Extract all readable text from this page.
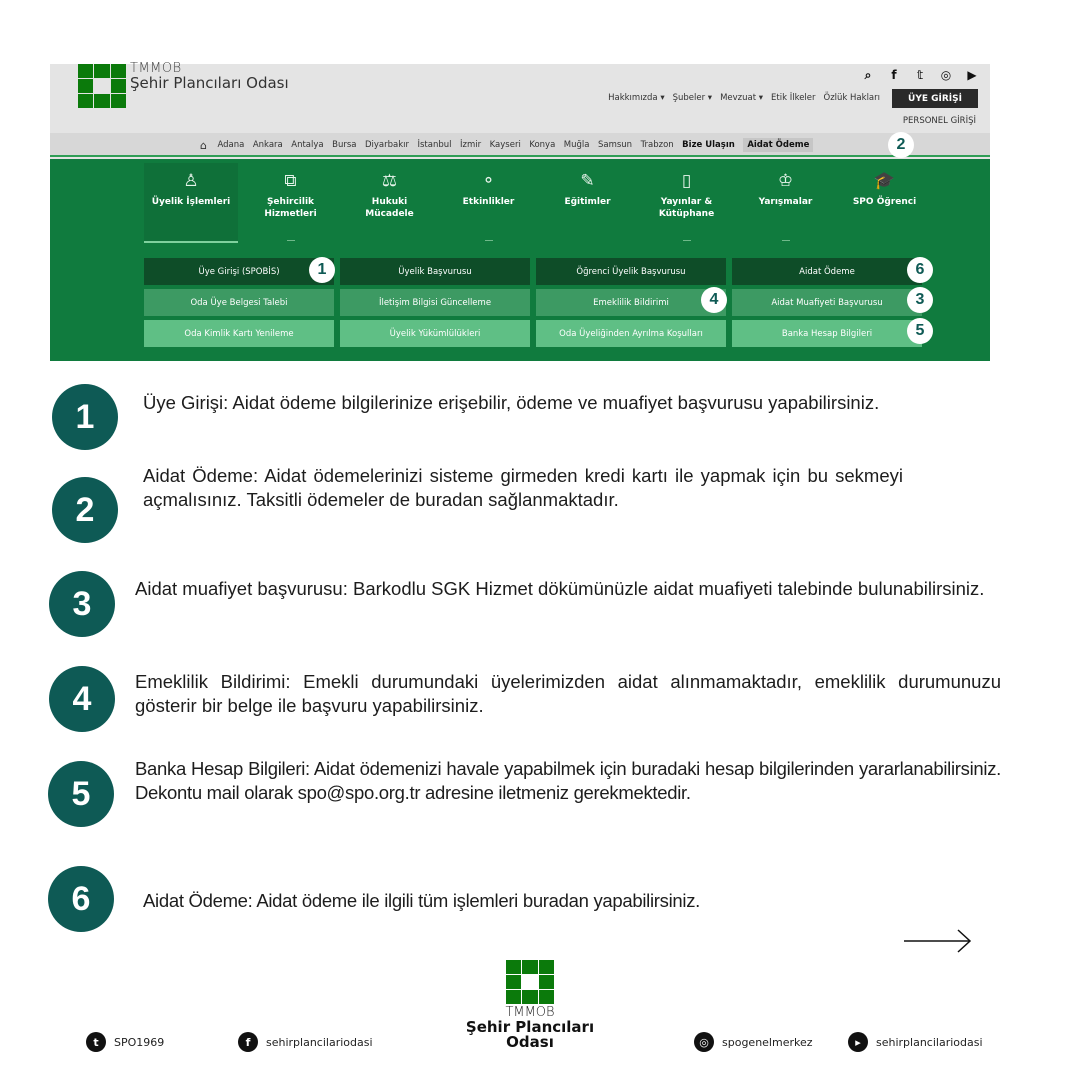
TMMOB
Şehir Plancıları Odası	⌕ f 𝕥 ◎ ▶
Hakkımızda ▾ Şubeler ▾ Mevzuat ▾ Etik İlkeler Özlük Hakları	ÜYE GİRİŞİ
PERSONEL GİRİŞİ
⌂ Adana Ankara Antalya Bursa Diyarbakır İstanbul İzmir Kayseri Konya Muğla Samsun Trabzon Bize Ulaşın	Aidat Ödeme	2
♙
Üyelik İşlemleri
⧉
Şehircilik Hizmetleri
⚖
Hukuki Mücadele
⚬
Etkinlikler
✎
Eğitimler
▯
Yayınlar & Kütüphane
♔
Yarışmalar
🎓
SPO Öğrenci
Üye Girişi (SPOBİS)	Üyelik Başvurusu	Öğrenci Üyelik Başvurusu	Aidat Ödeme
Oda Üye Belgesi Talebi	İletişim Bilgisi Güncelleme	Emeklilik Bildirimi	Aidat Muafiyeti Başvurusu
Oda Kimlik Kartı Yenileme	Üyelik Yükümlülükleri	Oda Üyeliğinden Ayrılma Koşulları	Banka Hesap Bilgileri
1	6
4	3
5
1	Üye Girişi: Aidat ödeme bilgilerinize erişebilir, ödeme ve muafiyet başvurusu yapabilirsiniz.
2
Aidat Ödeme: Aidat ödemelerinizi sisteme girmeden kredi kartı ile yapmak için bu sekmeyi açmalısınız. Taksitli ödemeler de buradan sağlanmaktadır.
3	Aidat muafiyet başvurusu: Barkodlu SGK Hizmet dökümünüzle aidat muafiyeti talebinde bulunabilirsiniz.
4	Emeklilik Bildirimi: Emekli durumundaki üyelerimizden aidat alınmamaktadır, emeklilik durumunuzu gösterir bir belge ile başvuru yapabilirsiniz.
5
Banka Hesap Bilgileri: Aidat ödemenizi havale yapabilmek için buradaki hesap bilgilerinden yararlanabilirsiniz. Dekontu mail olarak spo@spo.org.tr adresine iletmeniz gerekmektedir.
6	Aidat Ödeme: Aidat ödeme ile ilgili tüm işlemleri buradan yapabilirsiniz.
TMMOB
Şehir Plancıları Odası
t	SPO1969	f	sehirplancilariodasi	◎	spogenelmerkez	▸	sehirplancilariodasi
